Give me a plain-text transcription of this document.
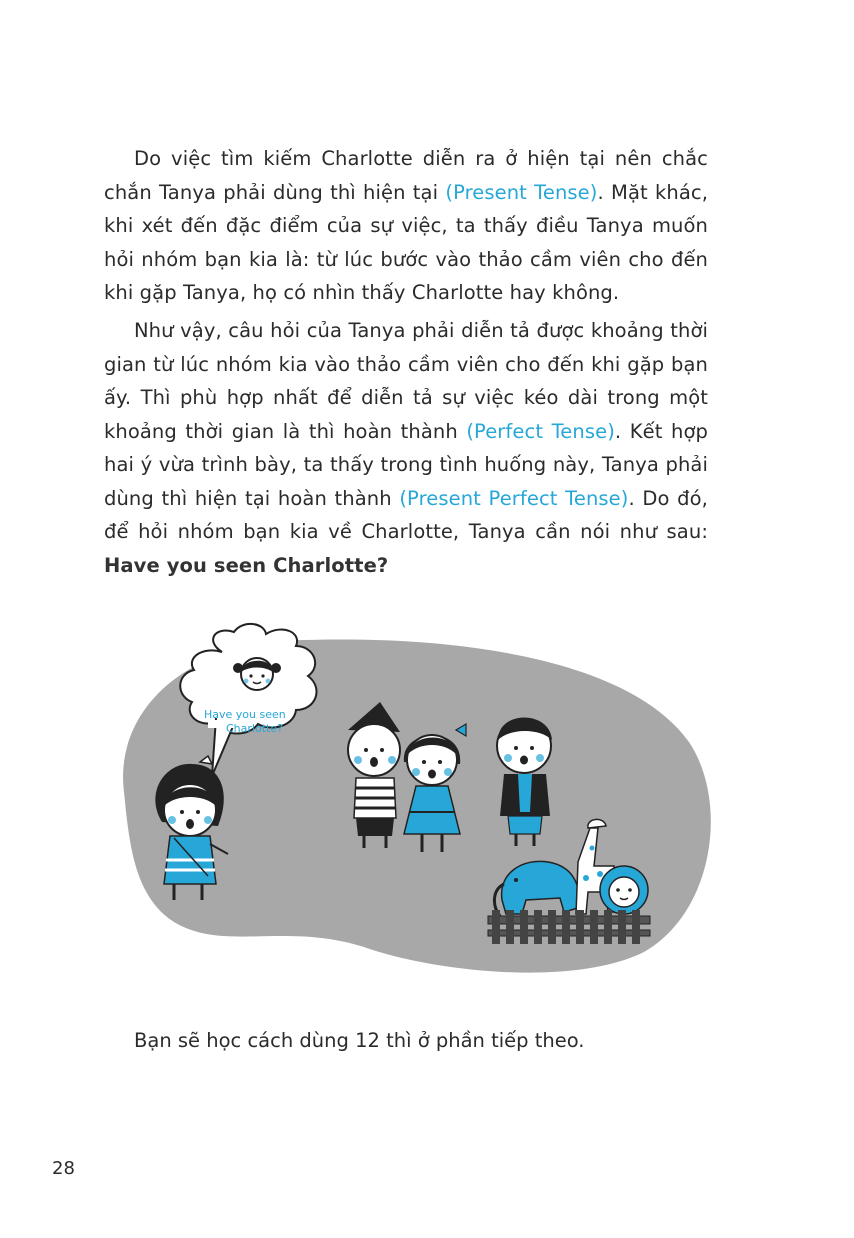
Do việc tìm kiếm Charlotte diễn ra ở hiện tại nên chắc chắn Tanya phải dùng thì hiện tại (Present Tense). Mặt khác, khi xét đến đặc điểm của sự việc, ta thấy điều Tanya muốn hỏi nhóm bạn kia là: từ lúc bước vào thảo cầm viên cho đến khi gặp Tanya, họ có nhìn thấy Charlotte hay không.
Như vậy, câu hỏi của Tanya phải diễn tả được khoảng thời gian từ lúc nhóm kia vào thảo cầm viên cho đến khi gặp bạn ấy. Thì phù hợp nhất để diễn tả sự việc kéo dài trong một khoảng thời gian là thì hoàn thành (Perfect Tense). Kết hợp hai ý vừa trình bày, ta thấy trong tình huống này, Tanya phải dùng thì hiện tại hoàn thành (Present Perfect Tense). Do đó, để hỏi nhóm bạn kia về Charlotte, Tanya cần nói như sau: Have you seen Charlotte?
Have you seen
Charlotte?
Bạn sẽ học cách dùng 12 thì ở phần tiếp theo.
28
